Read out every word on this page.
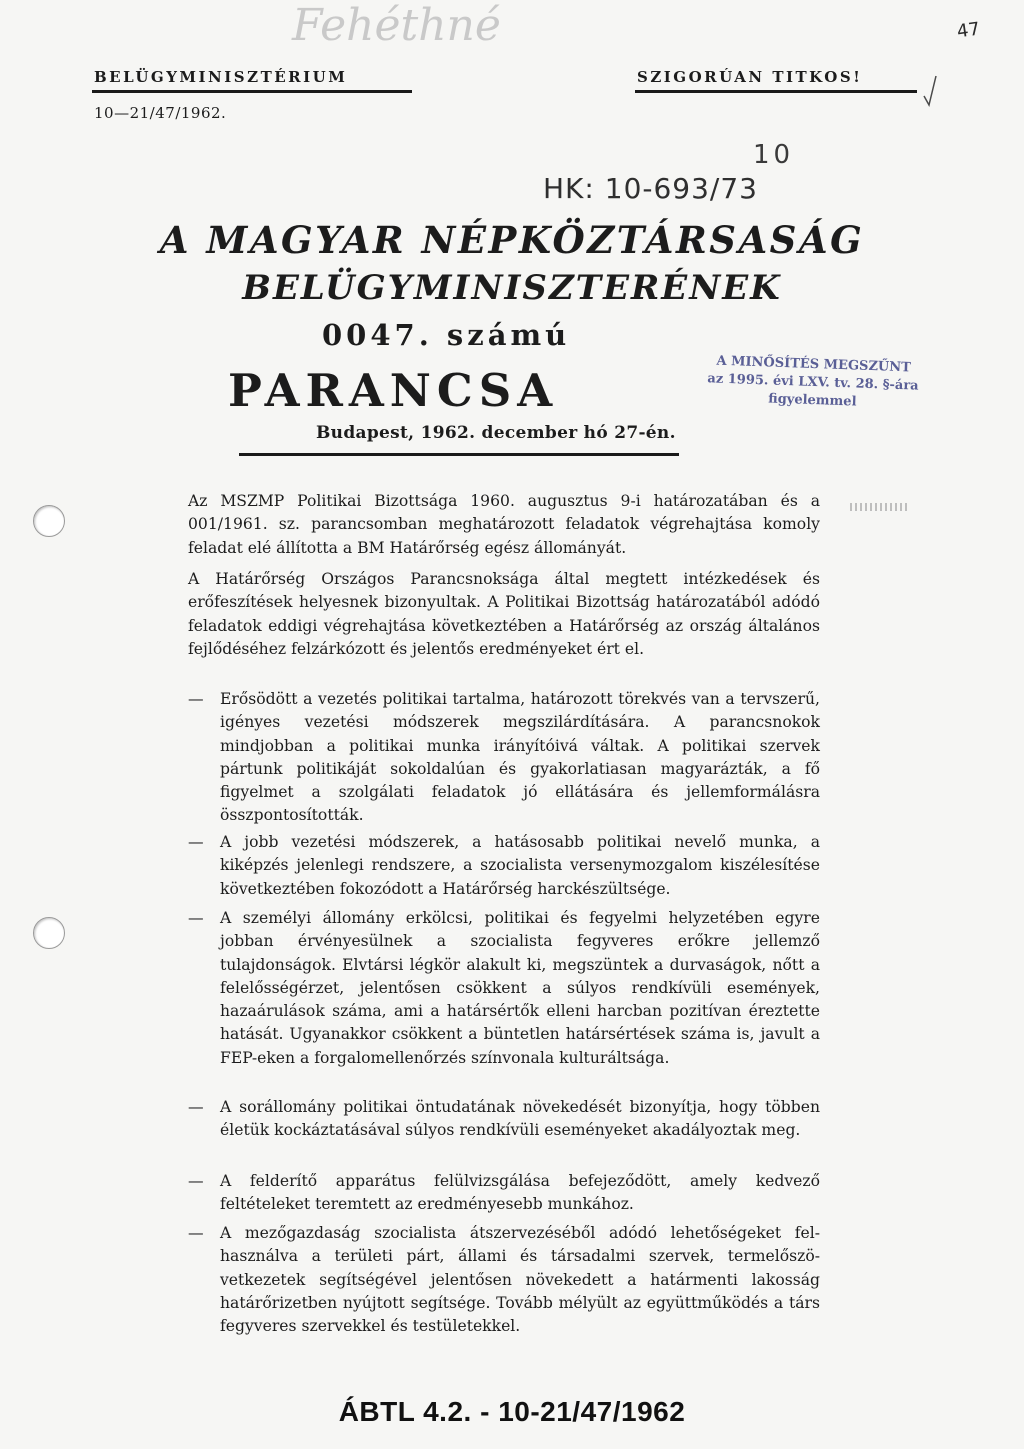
Fehéthné	47
BELÜGYMINISZTÉRIUM	SZIGORÚAN TITKOS!
10—21/47/1962.
10
HK: 10-693/73
A MAGYAR NÉPKÖZTÁRSASÁG
BELÜGYMINISZTERÉNEK
0047. számú
PARANCSA
Budapest, 1962. december hó 27-én.
A MINŐSÍTÉS MEGSZŰNT
az 1995. évi LXV. tv. 28. §-ára
figyelemmel
Az MSZMP Politikai Bizottsága 1960. augusztus 9-i határozatában és a 001/1961. sz. parancsomban meghatározott feladatok végrehajtása komoly feladat elé állította a BM Határőrség egész állományát.
A Határőrség Országos Parancsnoksága által megtett intézkedések és erőfeszítések helyesnek bizonyultak. A Politikai Bizottság határozatából adódó feladatok eddigi végrehajtása következtében a Határőrség az ország általános fejlődéséhez felzárkózott és jelentős eredményeket ért el.
—	Erősödött a vezetés politikai tartalma, határozott törekvés van a tervszerű, igényes vezetési módszerek megszilárdítására. A parancsnokok mindjobban a politikai munka irányítóivá váltak. A politikai szervek pártunk politikáját sokoldalúan és gyakorlatiasan magyarázták, a fő figyelmet a szolgálati feladatok jó ellátására és jellemformálásra összpontosították.
—	A jobb vezetési módszerek, a hatásosabb politikai nevelő munka, a kiképzés jelenlegi rendszere, a szocialista versenymozgalom kiszélesítése következtében fokozódott a Határőrség harckészültsége.
—	A személyi állomány erkölcsi, politikai és fegyelmi helyzetében egyre jobban érvényesülnek a szocialista fegyveres erőkre jellemző tulajdonságok. Elvtársi légkör alakult ki, megszüntek a durvaságok, nőtt a felelősségérzet, jelentősen csökkent a súlyos rendkívüli események, hazaárulások száma, ami a határsértők elleni harcban pozitívan éreztette hatását. Ugyanakkor csökkent a büntetlen határsértések száma is, javult a FEP-eken a forgalomellenőrzés színvonala kulturáltsága.
—	A sorállomány politikai öntudatának növekedését bizonyítja, hogy többen életük kockáztatásával súlyos rendkívüli eseményeket akadályoztak meg.
—	A felderítő apparátus felülvizsgálása befejeződött, amely kedvező feltételeket teremtett az eredményesebb munkához.
—	A mezőgazdaság szocialista átszervezéséből adódó lehetőségeket felhasználva a területi párt, állami és társadalmi szervek, termelőszövetkezetek segítségével jelentősen növekedett a határmenti lakosság határőrizetben nyújtott segítsége. Tovább mélyült az együttműködés a társ fegyveres szervekkel és testületekkel.
ÁBTL 4.2. - 10-21/47/1962
